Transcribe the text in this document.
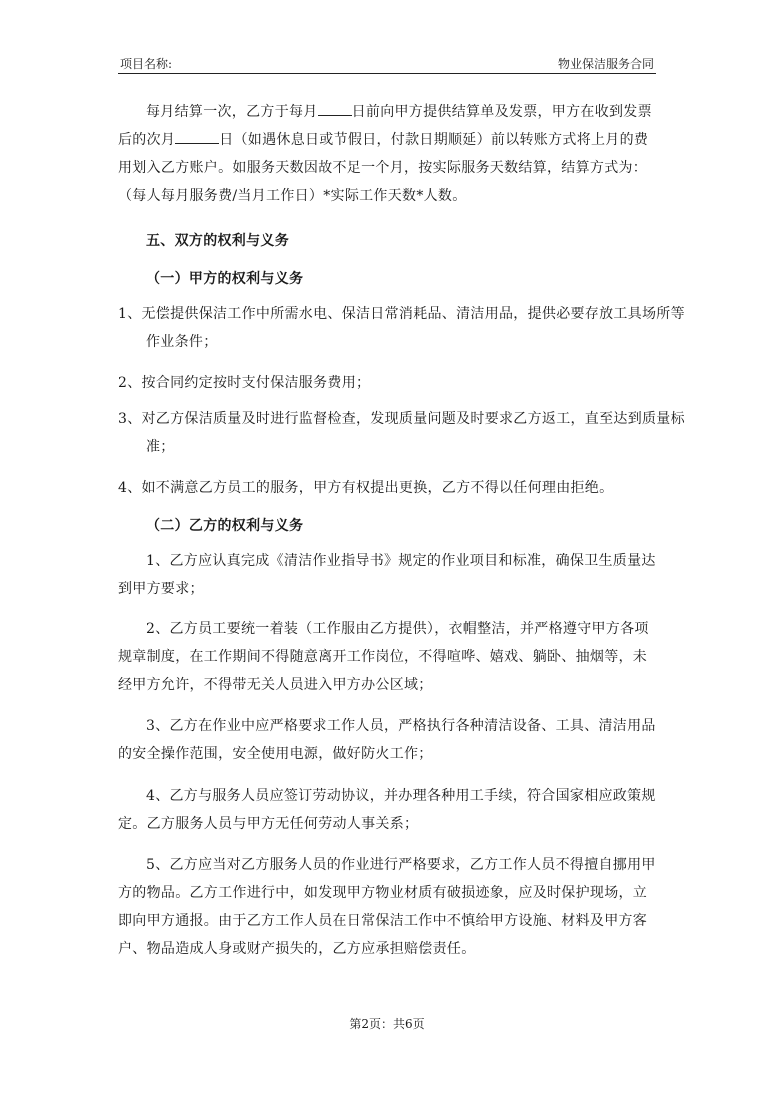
项目名称:	物业保洁服务合同
每月结算一次，乙方于每月 日前向甲方提供结算单及发票，甲方在收到发票后的次月	日（如遇休息日或节假日，付款日期顺延）前以转账方式将上月的费用划入乙方账户。如服务天数因故不足一个月，按实际服务天数结算，结算方式为：（每人每月服务费/当月工作日）*实际工作天数*人数。
五、双方的权利与义务
（一）甲方的权利与义务
1、无偿提供保洁工作中所需水电、保洁日常消耗品、清洁用品，提供必要存放工具场所等作业条件；
2、按合同约定按时支付保洁服务费用；
3、对乙方保洁质量及时进行监督检查，发现质量问题及时要求乙方返工，直至达到质量标准；
4、如不满意乙方员工的服务，甲方有权提出更换，乙方不得以任何理由拒绝。
（二）乙方的权利与义务
1、乙方应认真完成《清洁作业指导书》规定的作业项目和标准，确保卫生质量达到甲方要求；
2、乙方员工要统一着装（工作服由乙方提供），衣帽整洁，并严格遵守甲方各项规章制度，在工作期间不得随意离开工作岗位，不得喧哗、嬉戏、躺卧、抽烟等，未经甲方允许，不得带无关人员进入甲方办公区域；
3、乙方在作业中应严格要求工作人员，严格执行各种清洁设备、工具、清洁用品的安全操作范围，安全使用电源，做好防火工作；
4、乙方与服务人员应签订劳动协议，并办理各种用工手续，符合国家相应政策规定。乙方服务人员与甲方无任何劳动人事关系；
5、乙方应当对乙方服务人员的作业进行严格要求，乙方工作人员不得擅自挪用甲方的物品。乙方工作进行中，如发现甲方物业材质有破损迹象，应及时保护现场，立即向甲方通报。由于乙方工作人员在日常保洁工作中不慎给甲方设施、材料及甲方客户、物品造成人身或财产损失的，乙方应承担赔偿责任。
第2页：共6页
